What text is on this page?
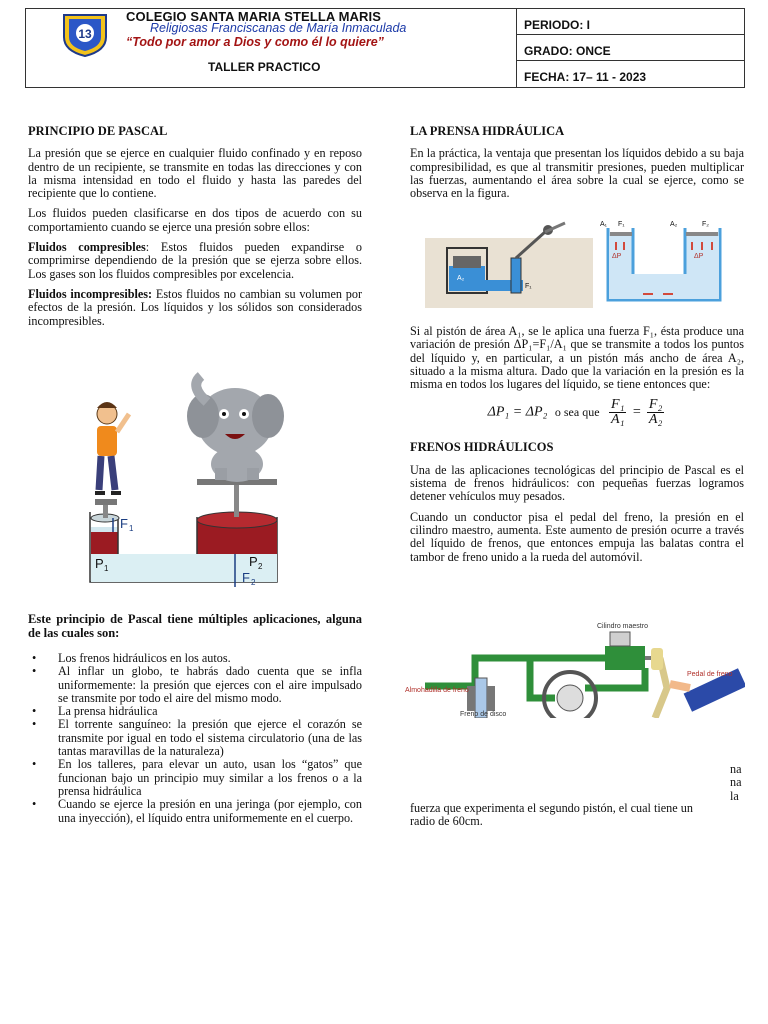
13
COLEGIO SANTA MARIA STELLA MARIS
Religiosas Franciscanas de María Inmaculada
“Todo por amor a Dios y como él lo quiere”
TALLER PRACTICO
PERIODO: I
GRADO: ONCE
FECHA: 17– 11 - 2023

PRINCIPIO DE PASCAL

La presión que se ejerce en cualquier fluido confinado y en reposo dentro de un recipiente, se transmite en todas las direcciones y con la misma intensidad en todo el fluido y hasta las paredes del recipiente que lo contiene.

Los fluidos pueden clasificarse en dos tipos de acuerdo con su comportamiento cuando se ejerce una presión sobre ellos:

Fluidos compresibles: Estos fluidos pueden expandirse o comprimirse dependiendo de la presión que se ejerza sobre ellos. Los gases son los fluidos compresibles por excelencia.

Fluidos incompresibles: Estos fluidos no cambian su volumen por efectos de la presión. Los líquidos y los sólidos son considerados incompresibles.

F 1
P 1	P 2
F 2

Este principio de Pascal tiene múltiples aplicaciones, alguna de las cuales son:

• Los frenos hidráulicos en los autos.
• Al inflar un globo, te habrás dado cuenta que se infla uniformemente: la presión que ejerces con el aire impulsado se transmite por todo el aire del mismo modo.
• La prensa hidráulica
• El torrente sanguíneo: la presión que ejerce el corazón se transmite por igual en todo el sistema circulatorio (una de las tantas maravillas de la naturaleza)
• En los talleres, para elevar un auto, usan los “gatos” que funcionan bajo un principio muy similar a los frenos o a la prensa hidráulica
• Cuando se ejerce la presión en una jeringa (por ejemplo, con una inyección), el líquido entra uniformemente en el cuerpo.

LA PRENSA HIDRÁULICA

En la práctica, la ventaja que presentan los líquidos debido a su baja compresibilidad, es que al transmitir presiones, pueden multiplicar las fuerzas, aumentando el área sobre la cual se ejerce, como se observa en la figura.

A₂
F₁
A₁	A₂
F₁	F₂
ΔP	ΔP

Si al pistón de área A₁, se le aplica una fuerza F₁, ésta produce una variación de presión ΔP₁=F₁/A₁ que se transmite a todos los puntos del líquido y, en particular, a un pistón más ancho de área A₂, situado a la misma altura. Dado que la variación en la presión es la misma en todos los lugares del líquido, se tiene entonces que:

ΔP₁ = ΔP₂ o sea que $\frac{\text{F₁}}{\text{A₁}} = \frac{\text{F₂}}{\text{A₂}}$

FRENOS HIDRÁULICOS

Una de las aplicaciones tecnológicas del principio de Pascal es el sistema de frenos hidráulicos: con pequeñas fuerzas logramos detener vehículos muy pesados.

Cuando un conductor pisa el pedal del freno, la presión en el cilindro maestro, aumenta. Este aumento de presión ocurre a través del líquido de frenos, que entonces empuja las balatas contra el tambor de freno unido a la rueda del automóvil.

Cilindro maestro
Pedal de freno
Almohadilla de freno
Freno de disco
na
na
la
fuerza que experimenta el segundo pistón, el cual tiene un
radio de 60cm.
